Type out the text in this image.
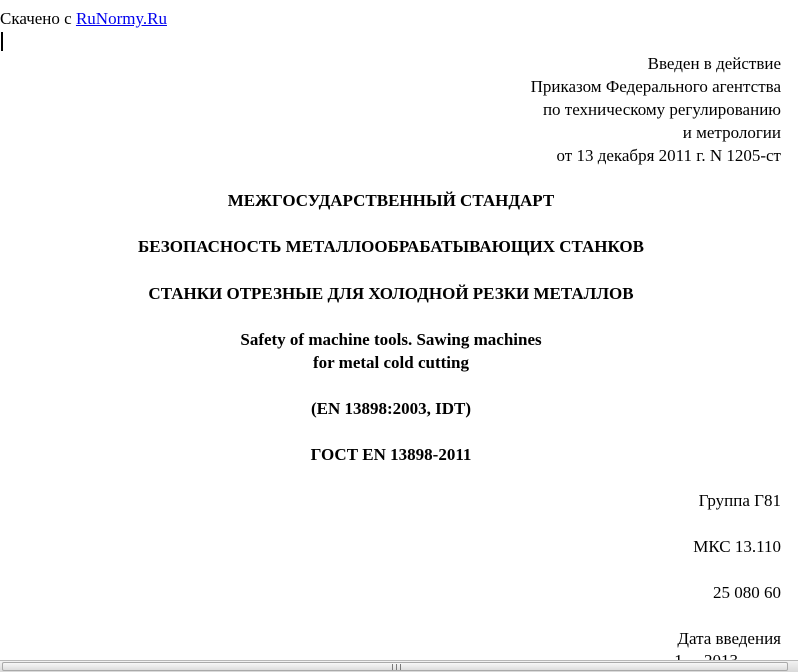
Скачено с RuNormy.Ru
Введен в действие
Приказом Федерального агентства
по техническому регулированию
и метрологии
от 13 декабря 2011 г. N 1205-ст
МЕЖГОСУДАРСТВЕННЫЙ СТАНДАРТ
БЕЗОПАСНОСТЬ МЕТАЛЛООБРАБАТЫВАЮЩИХ СТАНКОВ
СТАНКИ ОТРЕЗНЫЕ ДЛЯ ХОЛОДНОЙ РЕЗКИ МЕТАЛЛОВ
Safety of machine tools. Sawing machines
for metal cold cutting
(EN 13898:2003, IDT)
ГОСТ EN 13898-2011
Группа Г81
МКС 13.110
25 080 60
Дата введения
